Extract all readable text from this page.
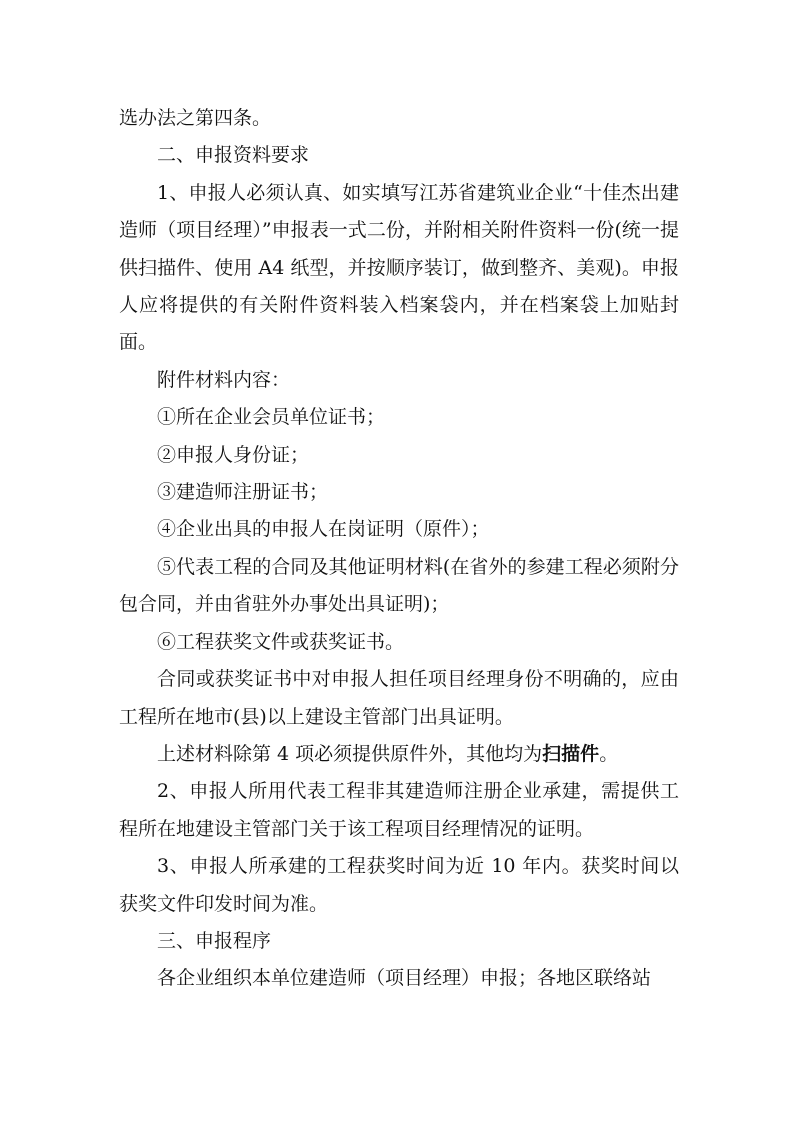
选办法之第四条。

二、申报资料要求

1、申报人必须认真、如实填写江苏省建筑业企业“十佳杰出建造师（项目经理）”申报表一式二份，并附相关附件资料一份(统一提供扫描件、使用 A4 纸型，并按顺序装订，做到整齐、美观)。申报人应将提供的有关附件资料装入档案袋内，并在档案袋上加贴封面。

附件材料内容：

①所在企业会员单位证书；

②申报人身份证；

③建造师注册证书；

④企业出具的申报人在岗证明（原件）；

⑤代表工程的合同及其他证明材料(在省外的参建工程必须附分包合同，并由省驻外办事处出具证明)；

⑥工程获奖文件或获奖证书。

合同或获奖证书中对申报人担任项目经理身份不明确的，应由工程所在地市(县)以上建设主管部门出具证明。

上述材料除第 4 项必须提供原件外，其他均为扫描件。

2、申报人所用代表工程非其建造师注册企业承建，需提供工程所在地建设主管部门关于该工程项目经理情况的证明。

3、申报人所承建的工程获奖时间为近 10 年内。获奖时间以获奖文件印发时间为准。

三、申报程序

各企业组织本单位建造师（项目经理）申报；各地区联络站
